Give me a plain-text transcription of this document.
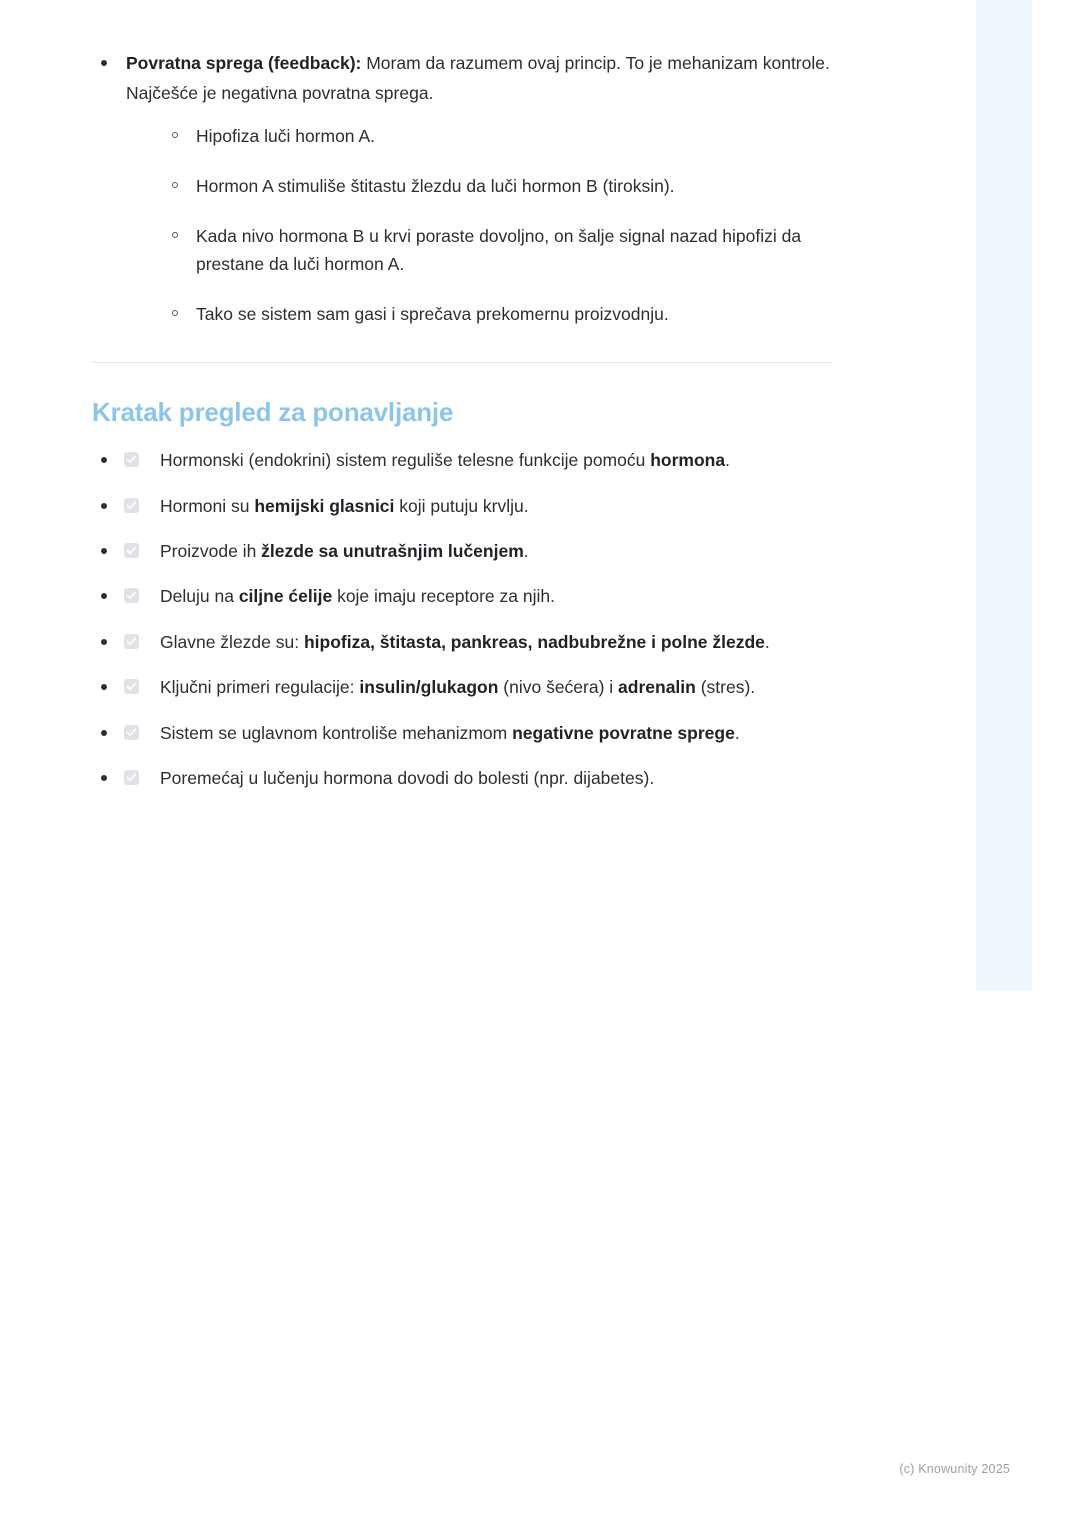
Povratna sprega (feedback): Moram da razumem ovaj princip. To je mehanizam kontrole. Najčešće je negativna povratna sprega.
Hipofiza luči hormon A.
Hormon A stimuliše štitastu žlezdu da luči hormon B (tiroksin).
Kada nivo hormona B u krvi poraste dovoljno, on šalje signal nazad hipofizi da prestane da luči hormon A.
Tako se sistem sam gasi i sprečava prekomernu proizvodnju.
Kratak pregled za ponavljanje
Hormonski (endokrini) sistem reguliše telesne funkcije pomoću hormona.
Hormoni su hemijski glasnici koji putuju krvlju.
Proizvode ih žlezde sa unutrašnjim lučenjem.
Deluju na ciljne ćelije koje imaju receptore za njih.
Glavne žlezde su: hipofiza, štitasta, pankreas, nadbubrežne i polne žlezde.
Ključni primeri regulacije: insulin/glukagon (nivo šećera) i adrenalin (stres).
Sistem se uglavnom kontroliše mehanizmom negativne povratne sprege.
Poremećaj u lučenju hormona dovodi do bolesti (npr. dijabetes).
(c) Knowunity 2025
